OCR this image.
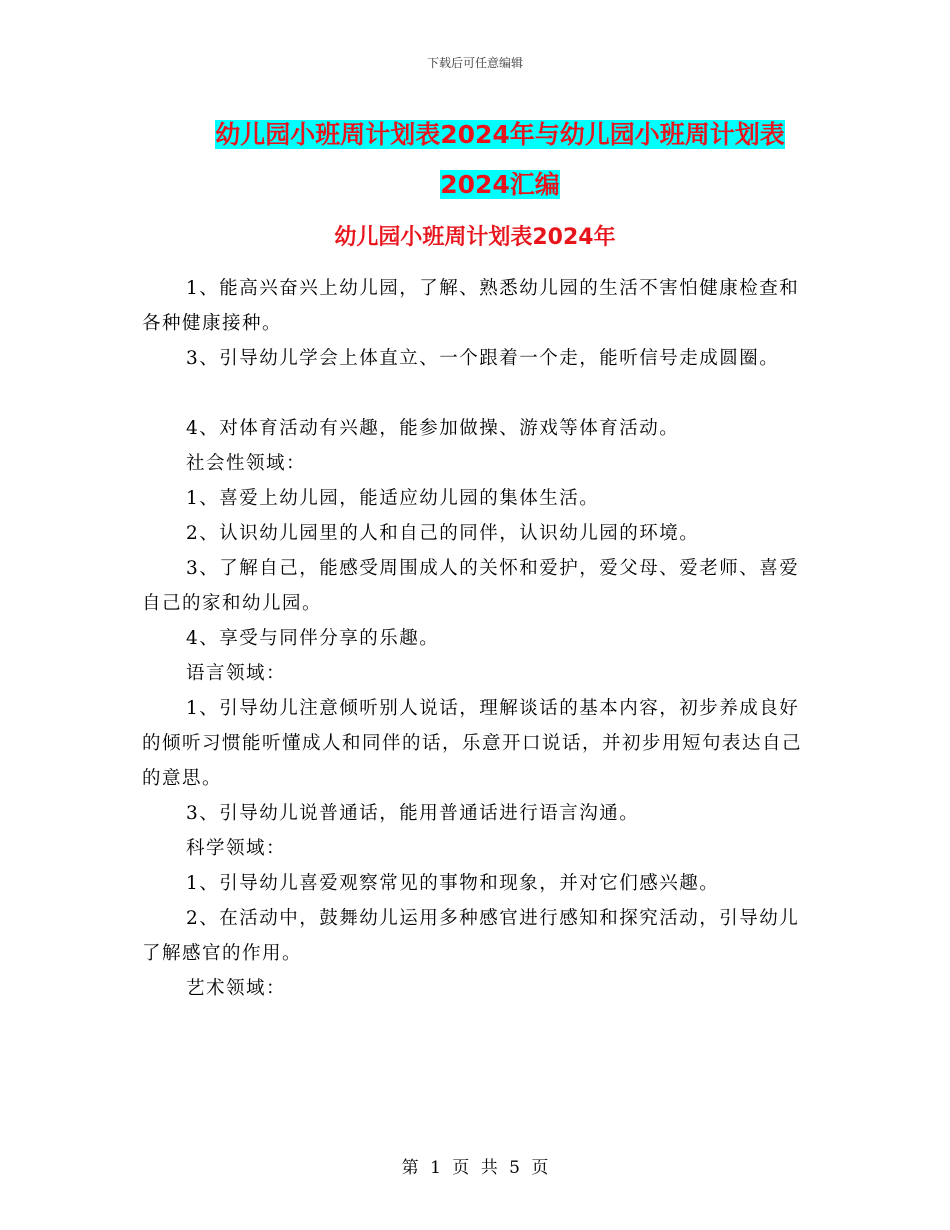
下载后可任意编辑
幼儿园小班周计划表2024年与幼儿园小班周计划表
2024汇编
幼儿园小班周计划表2024年

1、能高兴奋兴上幼儿园，了解、熟悉幼儿园的生活不害怕健康检查和各种健康接种。

3、引导幼儿学会上体直立、一个跟着一个走，能听信号走成圆圈。

4、对体育活动有兴趣，能参加做操、游戏等体育活动。

社会性领域：

1、喜爱上幼儿园，能适应幼儿园的集体生活。

2、认识幼儿园里的人和自己的同伴，认识幼儿园的环境。

3、了解自己，能感受周围成人的关怀和爱护，爱父母、爱老师、喜爱自己的家和幼儿园。

4、享受与同伴分享的乐趣。

语言领域：

1、引导幼儿注意倾听别人说话，理解谈话的基本内容，初步养成良好的倾听习惯能听懂成人和同伴的话，乐意开口说话，并初步用短句表达自己的意思。

3、引导幼儿说普通话，能用普通话进行语言沟通。

科学领域：

1、引导幼儿喜爱观察常见的事物和现象，并对它们感兴趣。

2、在活动中，鼓舞幼儿运用多种感官进行感知和探究活动，引导幼儿了解感官的作用。

艺术领域：

第 1 页 共 5 页
